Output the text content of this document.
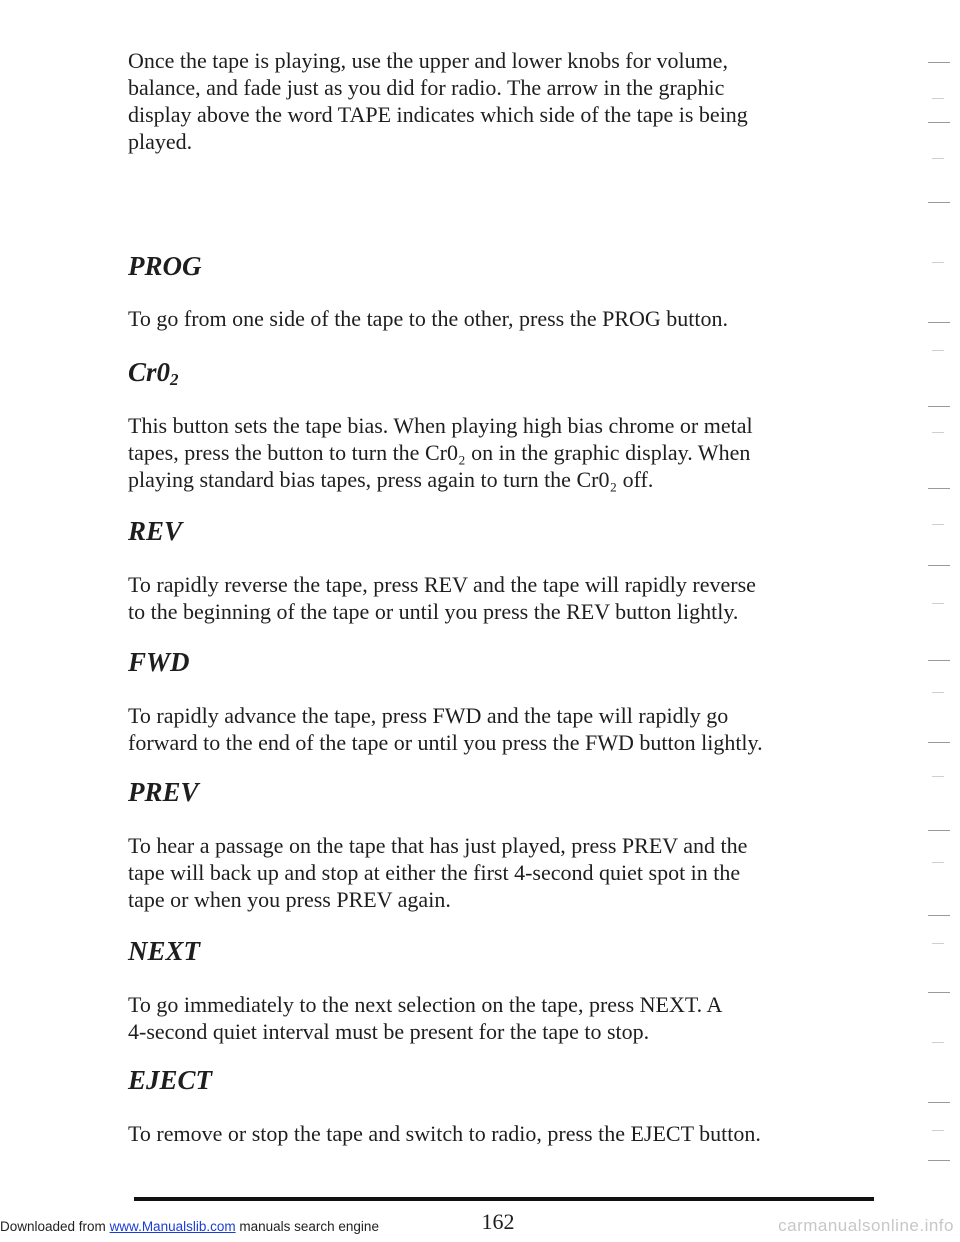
Once the tape is playing, use the upper and lower knobs for volume,

balance, and fade just as you did for radio. The arrow in the graphic

display above the word TAPE indicates which side of the tape is being

played.

PROG

To go from one side of the tape to the other, press the PROG button.

$Cr0_2$

This button sets the tape bias. When playing high bias chrome or metal

tapes, press the button to turn the Cr0₂ on in the graphic display. When

playing standard bias tapes, press again to turn the Cr0₂ off.

REV

To rapidly reverse the tape, press REV and the tape will rapidly reverse

to the beginning of the tape or until you press the REV button lightly.

FWD

To rapidly advance the tape, press FWD and the tape will rapidly go

forward to the end of the tape or until you press the FWD button lightly.

PREV

To hear a passage on the tape that has just played, press PREV and the

tape will back up and stop at either the first 4-second quiet spot in the

tape or when you press PREV again.

NEXT

To go immediately to the next selection on the tape, press NEXT. A

4-second quiet interval must be present for the tape to stop.

EJECT

To remove or stop the tape and switch to radio, press the EJECT button.

162
Downloaded from www.Manualslib.com manuals search engine	carmanualsonline.info
